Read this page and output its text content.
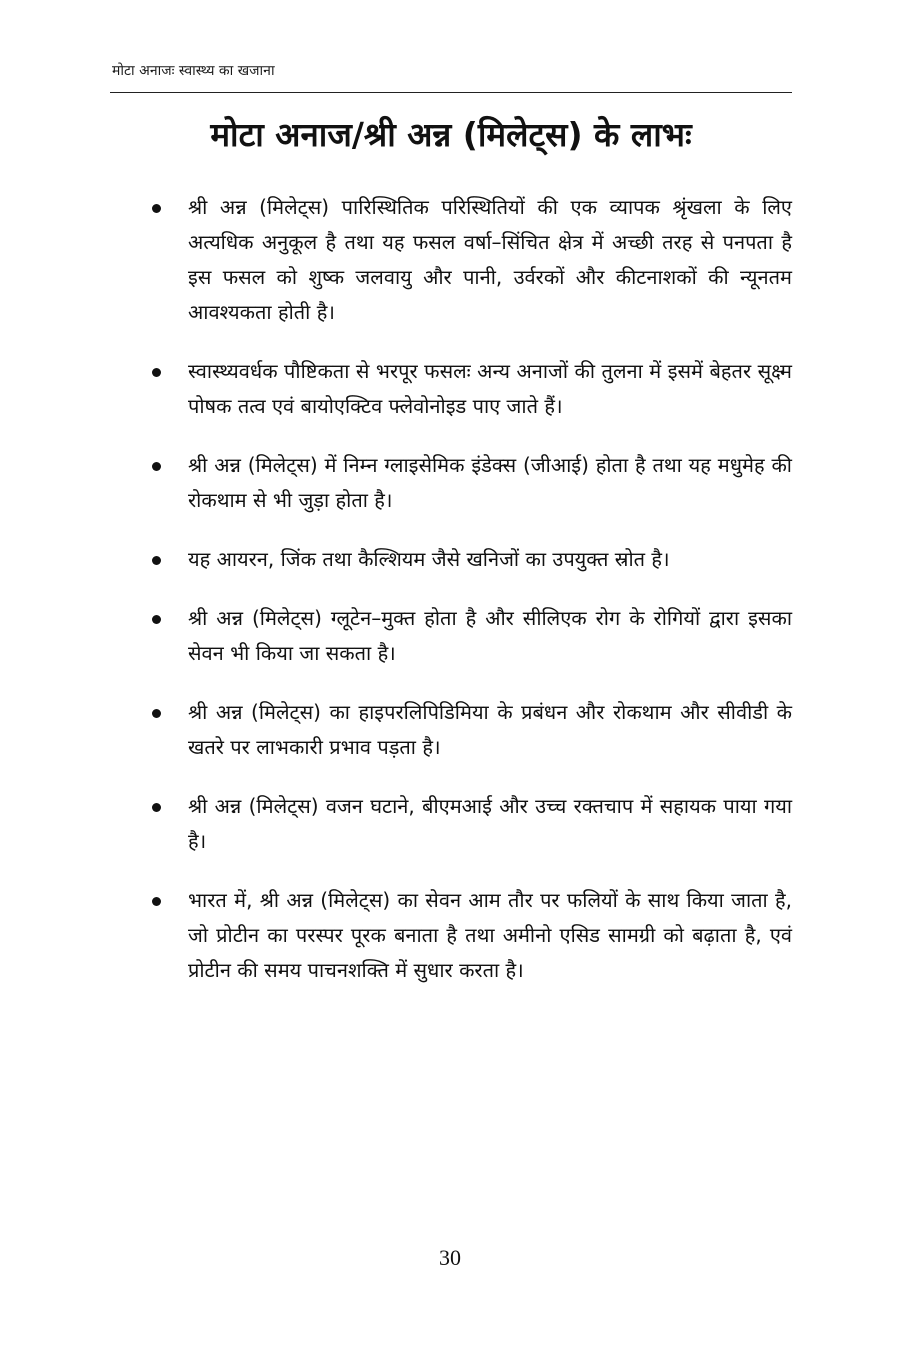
मोटा अनाजः स्वास्थ्य का खजाना
मोटा अनाज/श्री अन्न (मिलेट्स) के लाभः
श्री अन्न (मिलेट्स) पारिस्थितिक परिस्थितियों की एक व्यापक श्रृंखला के लिए अत्यधिक अनुकूल है तथा यह फसल वर्षा–सिंचित क्षेत्र में अच्छी तरह से पनपता है इस फसल को शुष्क जलवायु और पानी, उर्वरकों और कीटनाशकों की न्यूनतम आवश्यकता होती है।
स्वास्थ्यवर्धक पौष्टिकता से भरपूर फसलः अन्य अनाजों की तुलना में इसमें बेहतर सूक्ष्म पोषक तत्व एवं बायोएक्टिव फ्लेवोनोइड पाए जाते हैं।
श्री अन्न (मिलेट्स) में निम्न ग्लाइसेमिक इंडेक्स (जीआई) होता है तथा यह मधुमेह की रोकथाम से भी जुड़ा होता है।
यह आयरन, जिंक तथा कैल्शियम जैसे खनिजों का उपयुक्त स्रोत है।
श्री अन्न (मिलेट्स) ग्लूटेन–मुक्त होता है और सीलिएक रोग के रोगियों द्वारा इसका सेवन भी किया जा सकता है।
श्री अन्न (मिलेट्स) का हाइपरलिपिडिमिया के प्रबंधन और रोकथाम और सीवीडी के खतरे पर लाभकारी प्रभाव पड़ता है।
श्री अन्न (मिलेट्स) वजन घटाने, बीएमआई और उच्च रक्तचाप में सहायक पाया गया है।
भारत में, श्री अन्न (मिलेट्स) का सेवन आम तौर पर फलियों के साथ किया जाता है, जो प्रोटीन का परस्पर पूरक बनाता है तथा अमीनो एसिड सामग्री को बढ़ाता है, एवं प्रोटीन की समय पाचनशक्ति में सुधार करता है।
30
